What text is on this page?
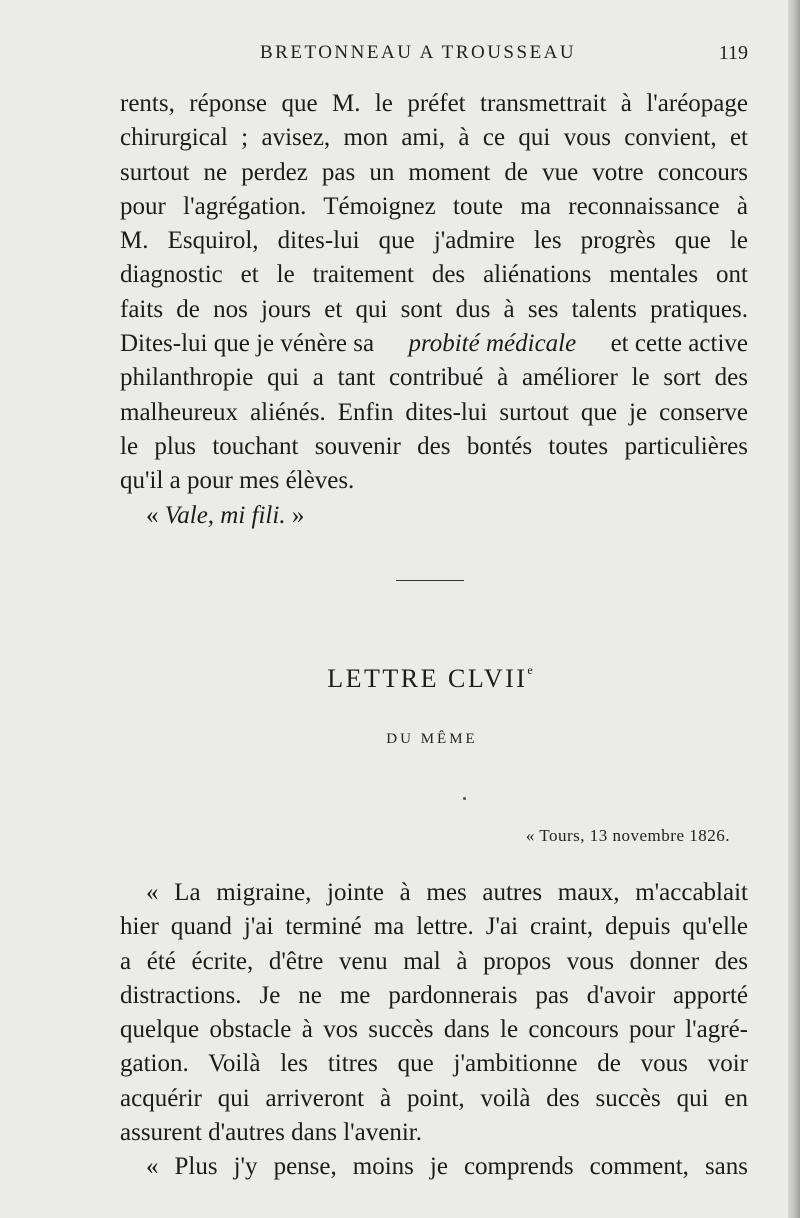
BRETONNEAU A TROUSSEAU	119
rents, réponse que M. le préfet transmettrait à l'aréopage
chirurgical ; avisez, mon ami, à ce qui vous convient, et
surtout ne perdez pas un moment de vue votre concours
pour l'agrégation. Témoignez toute ma reconnaissance à
M. Esquirol, dites-lui que j'admire les progrès que le
diagnostic et le traitement des aliénations mentales ont
faits de nos jours et qui sont dus à ses talents pratiques.
Dites-lui que je vénère sa probité médicale et cette active
philanthropie qui a tant contribué à améliorer le sort des
malheureux aliénés. Enfin dites-lui surtout que je conserve
le plus touchant souvenir des bontés toutes particulières
qu'il a pour mes élèves.
« Vale, mi fili. »
LETTRE CLVIIe
DU MÊME
« Tours, 13 novembre 1826.
« La migraine, jointe à mes autres maux, m'accablait
hier quand j'ai terminé ma lettre. J'ai craint, depuis qu'elle
a été écrite, d'être venu mal à propos vous donner des
distractions. Je ne me pardonnerais pas d'avoir apporté
quelque obstacle à vos succès dans le concours pour l'agré-
gation. Voilà les titres que j'ambitionne de vous voir
acquérir qui arriveront à point, voilà des succès qui en
assurent d'autres dans l'avenir.
« Plus j'y pense, moins je comprends comment, sans
